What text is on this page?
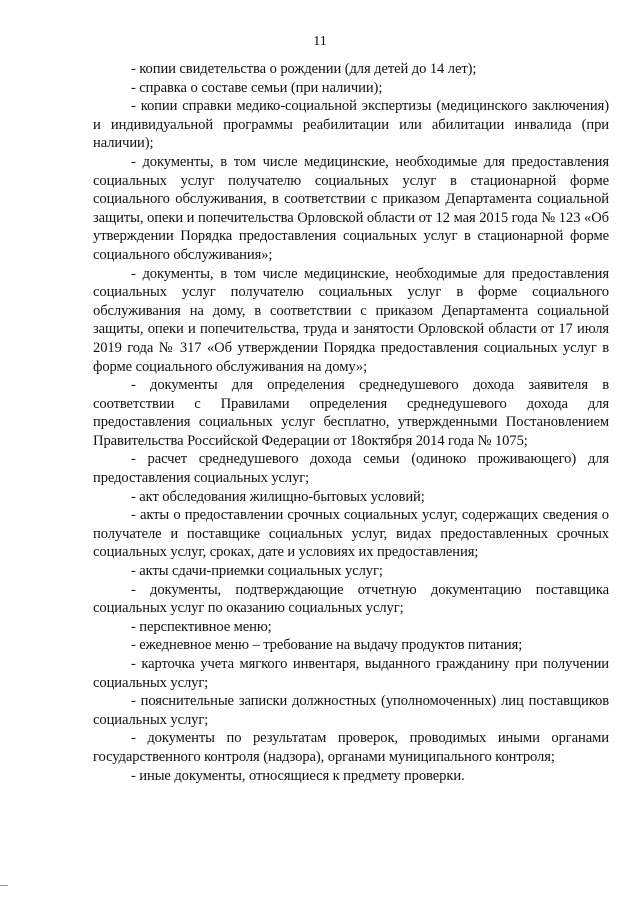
11

- копии свидетельства о рождении (для детей до 14 лет);

- справка о составе семьи (при наличии);

- копии справки медико-социальной экспертизы (медицинского заключения) и индивидуальной программы реабилитации или абилитации инвалида (при наличии);

- документы, в том числе медицинские, необходимые для предоставления социальных услуг получателю социальных услуг в стационарной форме социального обслуживания, в соответствии с приказом Департамента социальной защиты, опеки и попечительства Орловской области от 12 мая 2015 года № 123 «Об утверждении Порядка предоставления социальных услуг в стационарной форме социального обслуживания»;

- документы, в том числе медицинские, необходимые для предоставления социальных услуг получателю социальных услуг в форме социального обслуживания на дому, в соответствии с приказом Департамента социальной защиты, опеки и попечительства, труда и занятости Орловской области от 17 июля 2019 года № 317 «Об утверждении Порядка предоставления социальных услуг в форме социального обслуживания на дому»;

- документы для определения среднедушевого дохода заявителя в соответствии с Правилами определения среднедушевого дохода для предоставления социальных услуг бесплатно, утвержденными Постановлением Правительства Российской Федерации от 18октября 2014 года № 1075;

- расчет среднедушевого дохода семьи (одиноко проживающего) для предоставления социальных услуг;

- акт обследования жилищно-бытовых условий;

- акты о предоставлении срочных социальных услуг, содержащих сведения о получателе и поставщике социальных услуг, видах предоставленных срочных социальных услуг, сроках, дате и условиях их предоставления;

- акты сдачи-приемки социальных услуг;

- документы, подтверждающие отчетную документацию поставщика социальных услуг по оказанию социальных услуг;

- перспективное меню;

- ежедневное меню – требование на выдачу продуктов питания;

- карточка учета мягкого инвентаря, выданного гражданину при получении социальных услуг;

- пояснительные записки должностных (уполномоченных) лиц поставщиков социальных услуг;

- документы по результатам проверок, проводимых иными органами государственного контроля (надзора), органами муниципального контроля;

- иные документы, относящиеся к предмету проверки.
